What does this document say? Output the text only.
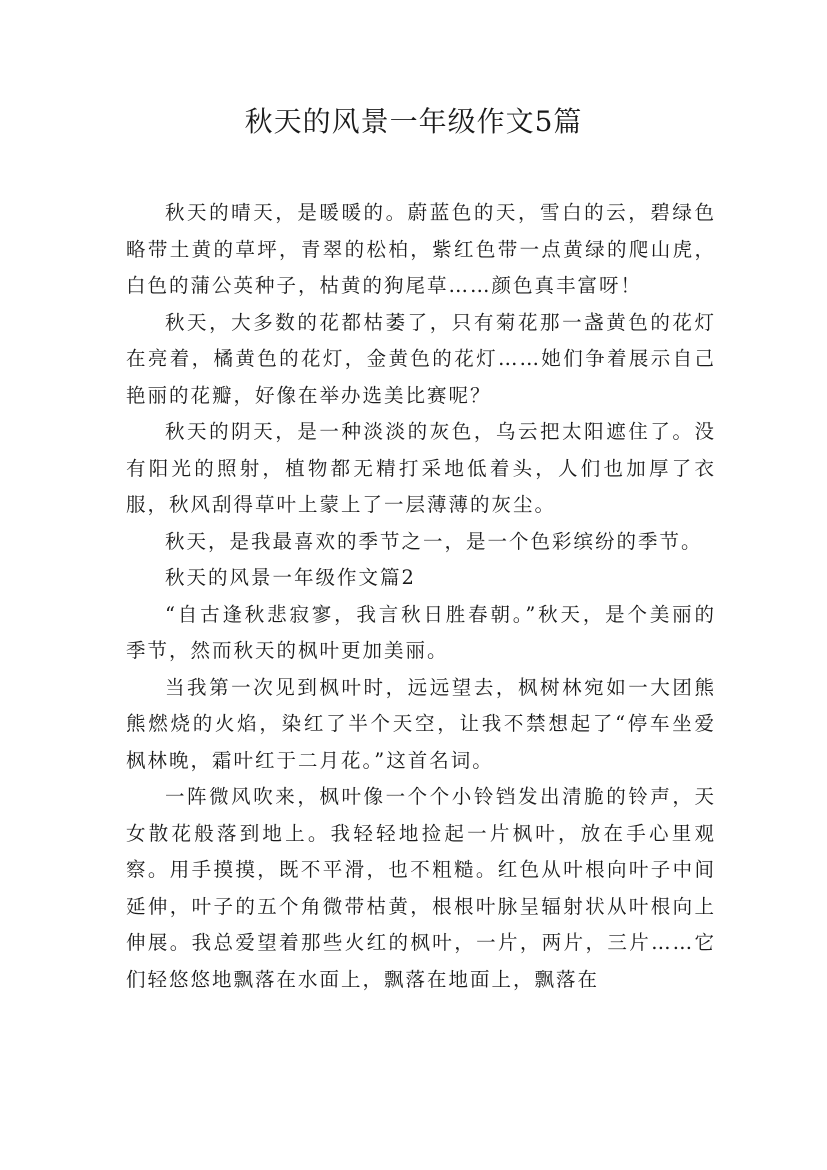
秋天的风景一年级作文5篇

秋天的晴天，是暖暖的。蔚蓝色的天，雪白的云，碧绿色略带土黄的草坪，青翠的松柏，紫红色带一点黄绿的爬山虎，白色的蒲公英种子，枯黄的狗尾草……颜色真丰富呀！

秋天，大多数的花都枯萎了，只有菊花那一盏黄色的花灯在亮着，橘黄色的花灯，金黄色的花灯……她们争着展示自己艳丽的花瓣，好像在举办选美比赛呢？

秋天的阴天，是一种淡淡的灰色，乌云把太阳遮住了。没有阳光的照射，植物都无精打采地低着头，人们也加厚了衣服，秋风刮得草叶上蒙上了一层薄薄的灰尘。

秋天，是我最喜欢的季节之一，是一个色彩缤纷的季节。

秋天的风景一年级作文篇2

“自古逢秋悲寂寥，我言秋日胜春朝。”秋天，是个美丽的季节，然而秋天的枫叶更加美丽。

当我第一次见到枫叶时，远远望去，枫树林宛如一大团熊熊燃烧的火焰，染红了半个天空，让我不禁想起了“停车坐爱枫林晚，霜叶红于二月花。”这首名词。

一阵微风吹来，枫叶像一个个小铃铛发出清脆的铃声，天女散花般落到地上。我轻轻地捡起一片枫叶，放在手心里观察。用手摸摸，既不平滑，也不粗糙。红色从叶根向叶子中间延伸，叶子的五个角微带枯黄，根根叶脉呈辐射状从叶根向上伸展。我总爱望着那些火红的枫叶，一片，两片，三片……它们轻悠悠地飘落在水面上，飘落在地面上，飘落在
